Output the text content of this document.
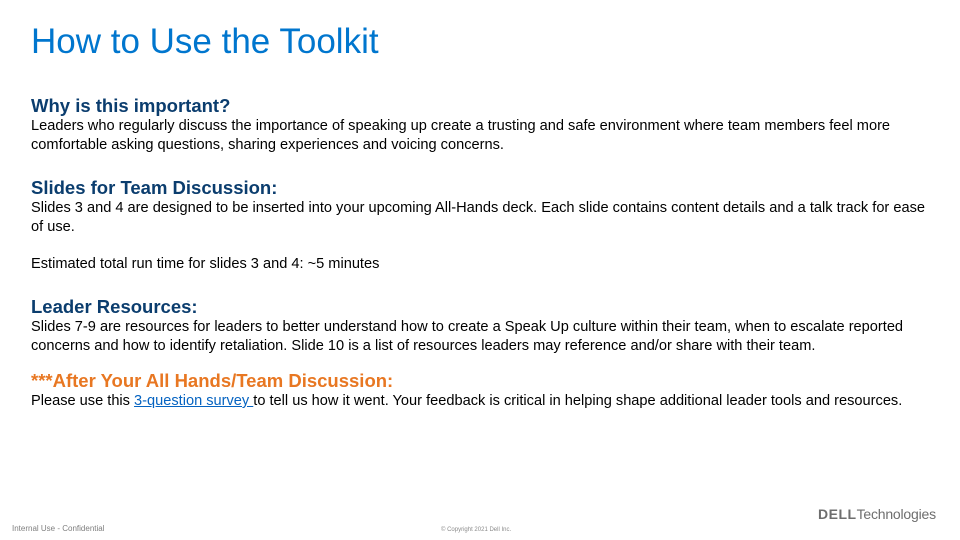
How to Use the Toolkit

Why is this important?

Leaders who regularly discuss the importance of speaking up create a trusting and safe environment where team members feel more comfortable asking questions, sharing experiences and voicing concerns.

Slides for Team Discussion:

Slides 3 and 4 are designed to be inserted into your upcoming All-Hands deck. Each slide contains content details and a talk track for ease of use.

Estimated total run time for slides 3 and 4: ~5 minutes

Leader Resources:

Slides 7-9 are resources for leaders to better understand how to create a Speak Up culture within their team, when to escalate reported concerns and how to identify retaliation. Slide 10 is a list of resources leaders may reference and/or share with their team.

***After Your All Hands/Team Discussion:

Please use this 3-question survey to tell us how it went. Your feedback is critical in helping shape additional leader tools and resources.

Internal Use - Confidential	© Copyright 2021 Dell Inc.
DELLTechnologies
